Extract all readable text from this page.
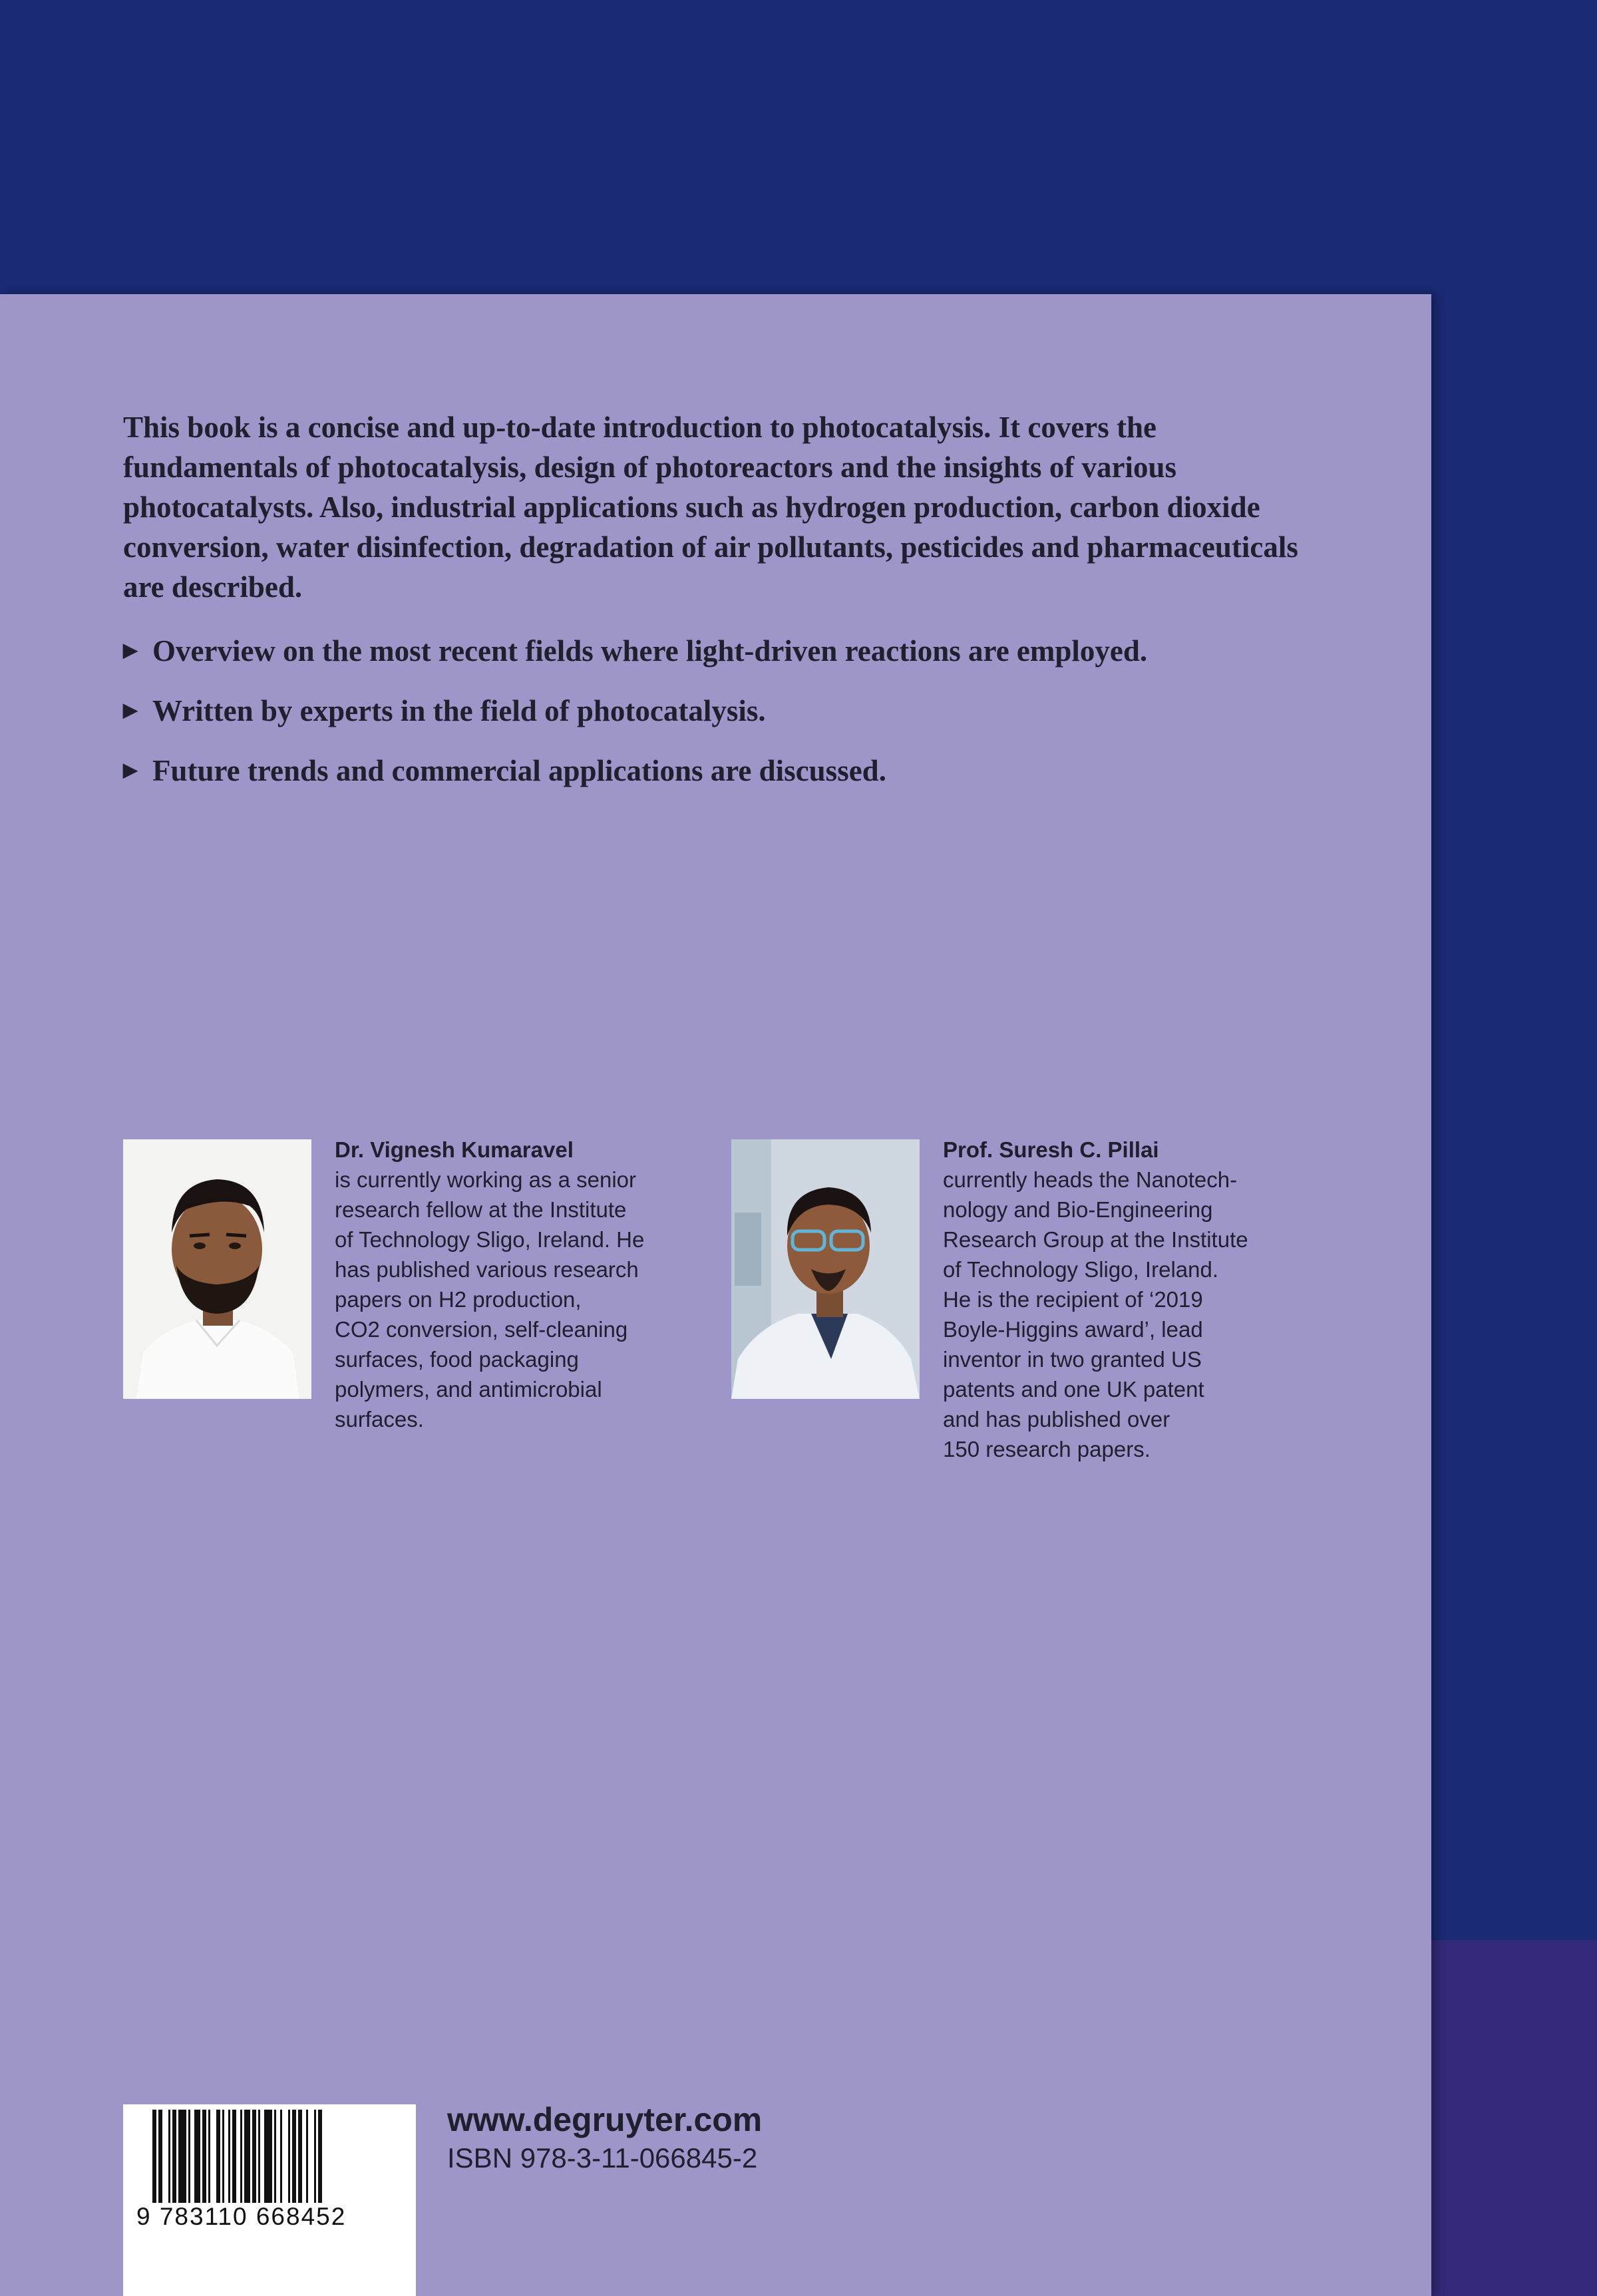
This book is a concise and up-to-date introduction to photocatalysis. It covers the fundamentals of photocatalysis, design of photoreactors and the insights of various photocatalysts. Also, industrial applications such as hydrogen production, carbon dioxide conversion, water disinfection, degradation of air pollutants, pesticides and pharmaceuticals are described.

▶ Overview on the most recent fields where light-driven reactions are employed.
▶ Written by experts in the field of photocatalysis.
▶ Future trends and commercial applications are discussed.
Dr. Vignesh Kumaravel
is currently working as a senior
research fellow at the Institute
of Technology Sligo, Ireland. He
has published various research
papers on H2 production,
CO2 conversion, self-cleaning
surfaces, food packaging
polymers, and antimicrobial
surfaces.
Prof. Suresh C. Pillai
currently heads the Nanotech-
nology and Bio-Engineering
Research Group at the Institute
of Technology Sligo, Ireland.
He is the recipient of ‘2019
Boyle-Higgins award’, lead
inventor in two granted US
patents and one UK patent
and has published over
150 research papers.
9 783110 668452
www.degruyter.com
ISBN 978-3-11-066845-2
